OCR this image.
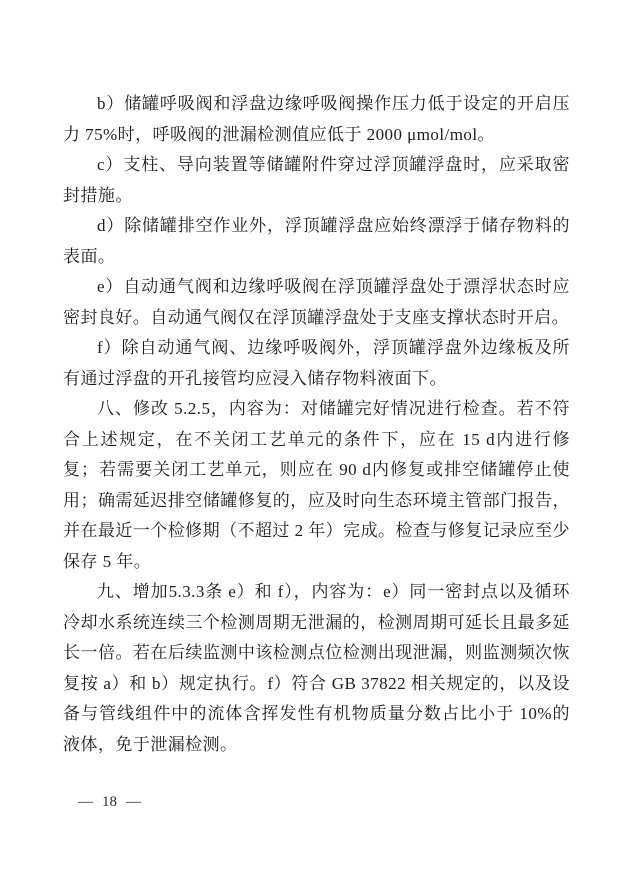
b）储罐呼吸阀和浮盘边缘呼吸阀操作压力低于设定的开启压力 75%时，呼吸阀的泄漏检测值应低于 2000 μmol/mol。

c）支柱、导向装置等储罐附件穿过浮顶罐浮盘时，应采取密封措施。

d）除储罐排空作业外，浮顶罐浮盘应始终漂浮于储存物料的表面。

e）自动通气阀和边缘呼吸阀在浮顶罐浮盘处于漂浮状态时应密封良好。自动通气阀仅在浮顶罐浮盘处于支座支撑状态时开启。

f）除自动通气阀、边缘呼吸阀外，浮顶罐浮盘外边缘板及所有通过浮盘的开孔接管均应浸入储存物料液面下。

八、修改 5.2.5，内容为：对储罐完好情况进行检查。若不符合上述规定，在不关闭工艺单元的条件下，应在 15 d内进行修复；若需要关闭工艺单元，则应在 90 d内修复或排空储罐停止使用；确需延迟排空储罐修复的，应及时向生态环境主管部门报告，并在最近一个检修期（不超过 2 年）完成。检查与修复记录应至少保存 5 年。

九、增加5.3.3条 e）和 f），内容为：e）同一密封点以及循环冷却水系统连续三个检测周期无泄漏的，检测周期可延长且最多延长一倍。若在后续监测中该检测点位检测出现泄漏，则监测频次恢复按 a）和 b）规定执行。f）符合 GB 37822 相关规定的，以及设备与管线组件中的流体含挥发性有机物质量分数占比小于 10%的液体，免于泄漏检测。

— 18 —
